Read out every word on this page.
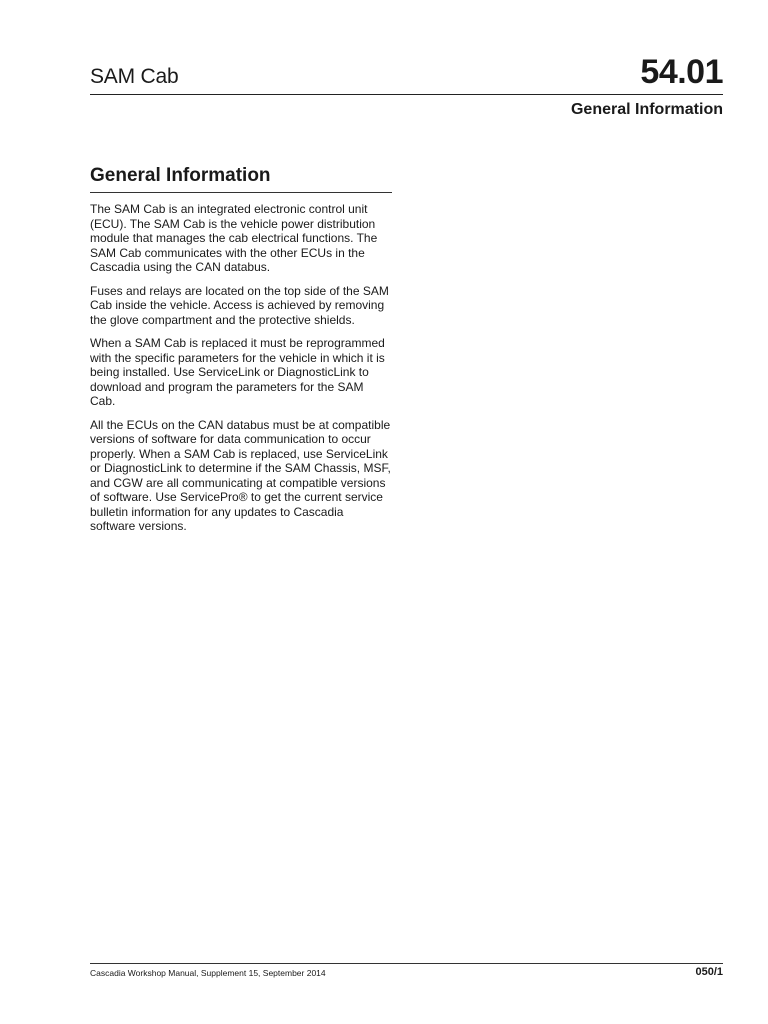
SAM Cab	54.01
General Information
General Information

The SAM Cab is an integrated electronic control unit (ECU). The SAM Cab is the vehicle power distribution module that manages the cab electrical functions. The SAM Cab communicates with the other ECUs in the Cascadia using the CAN databus.

Fuses and relays are located on the top side of the SAM Cab inside the vehicle. Access is achieved by removing the glove compartment and the protective shields.

When a SAM Cab is replaced it must be reprogrammed with the specific parameters for the vehicle in which it is being installed. Use ServiceLink or DiagnosticLink to download and program the parameters for the SAM Cab.

All the ECUs on the CAN databus must be at compatible versions of software for data communication to occur properly. When a SAM Cab is replaced, use ServiceLink or DiagnosticLink to determine if the SAM Chassis, MSF, and CGW are all communicating at compatible versions of software. Use ServicePro® to get the current service bulletin information for any updates to Cascadia software versions.

Cascadia Workshop Manual, Supplement 15, September 2014	050/1
